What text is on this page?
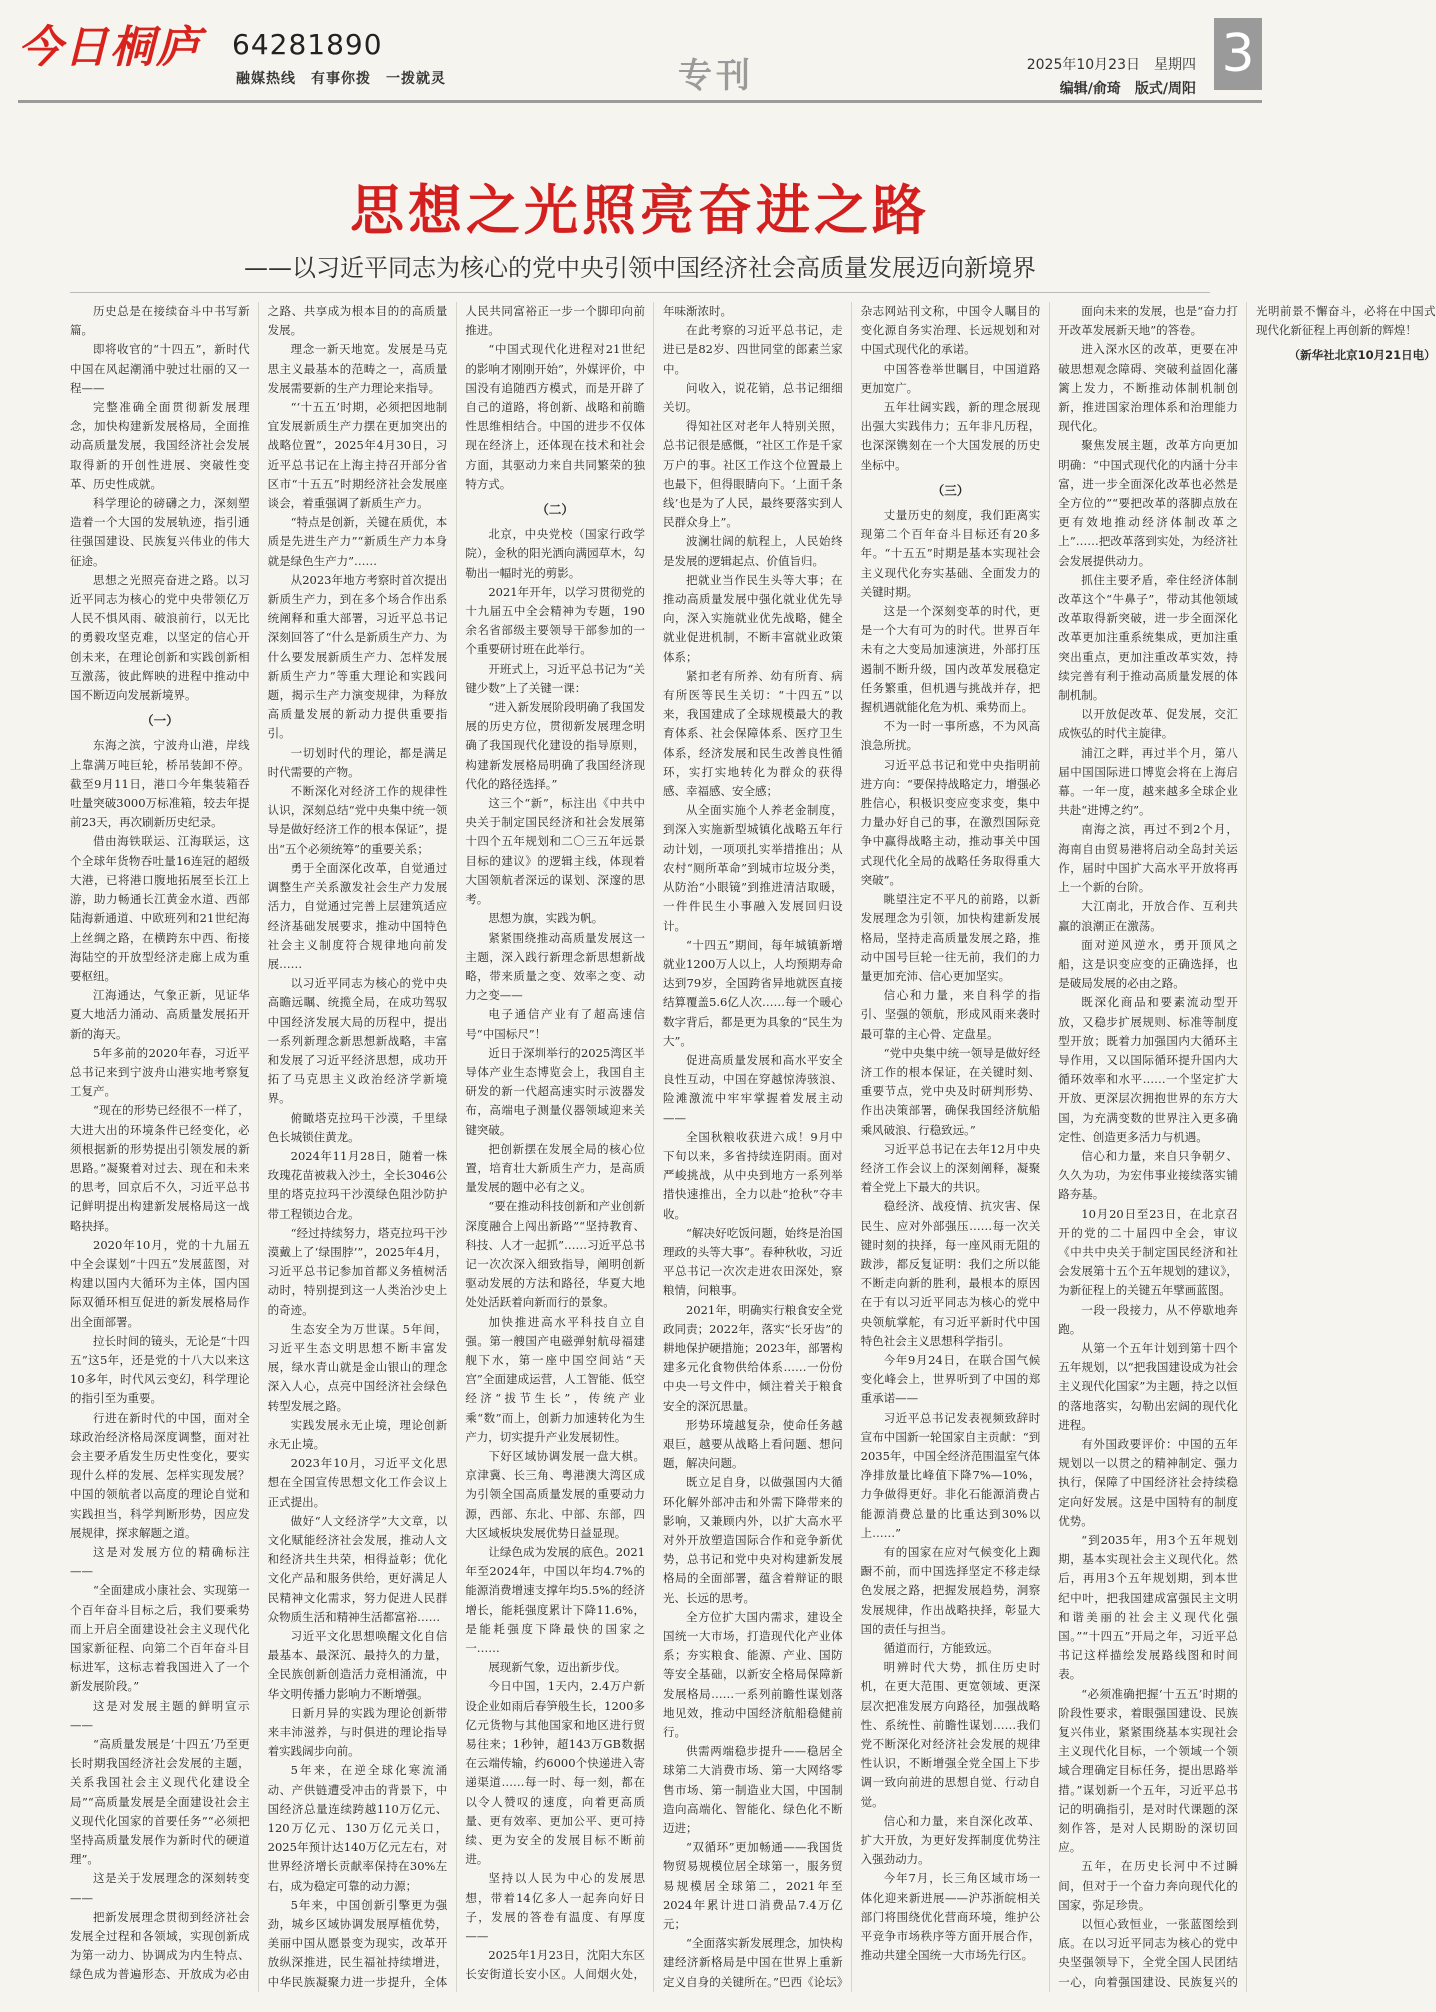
今日桐庐 64281890
融媒热线　有事你拨　一拨就灵	专刊	2025年10月23日　星期四
编辑/俞琦　版式/周阳
3
思想之光照亮奋进之路
——以习近平同志为核心的党中央引领中国经济社会高质量发展迈向新境界

历史总是在接续奋斗中书写新篇。

即将收官的“十四五”，新时代中国在风起潮涌中驶过壮丽的又一程——

完整准确全面贯彻新发展理念，加快构建新发展格局，全面推动高质量发展，我国经济社会发展取得新的开创性进展、突破性变革、历史性成就。

科学理论的磅礴之力，深刻塑造着一个大国的发展轨迹，指引通往强国建设、民族复兴伟业的伟大征途。

思想之光照亮奋进之路。以习近平同志为核心的党中央带领亿万人民不惧风雨、破浪前行，以无比的勇毅攻坚克难，以坚定的信心开创未来，在理论创新和实践创新相互激荡，彼此辉映的进程中推动中国不断迈向发展新境界。

（一）

东海之滨，宁波舟山港，岸线上靠满万吨巨轮，桥吊装卸不停。截至9月11日，港口今年集装箱吞吐量突破3000万标准箱，较去年提前23天，再次刷新历史纪录。

借由海铁联运、江海联运，这个全球年货物吞吐量16连冠的超级大港，已将港口腹地拓展至长江上游，助力畅通长江黄金水道、西部陆海新通道、中欧班列和21世纪海上丝绸之路，在横跨东中西、衔接海陆空的开放型经济走廊上成为重要枢纽。

江海通达，气象正新，见证华夏大地活力涌动、高质量发展拓开新的海天。

5年多前的2020年春，习近平总书记来到宁波舟山港实地考察复工复产。

“现在的形势已经很不一样了，大进大出的环境条件已经变化，必须根据新的形势提出引领发展的新思路。”凝聚着对过去、现在和未来的思考，回京后不久，习近平总书记鲜明提出构建新发展格局这一战略抉择。

2020年10月，党的十九届五中全会谋划“十四五”发展蓝图，对构建以国内大循环为主体，国内国际双循环相互促进的新发展格局作出全面部署。

拉长时间的镜头，无论是“十四五”这5年，还是党的十八大以来这10多年，时代风云变幻，科学理论的指引至为重要。

行进在新时代的中国，面对全球政治经济格局深度调整，面对社会主要矛盾发生历史性变化，要实现什么样的发展、怎样实现发展？中国的领航者以高度的理论自觉和实践担当，科学判断形势，因应发展规律，探求解题之道。

这是对发展方位的精确标注——

“全面建成小康社会、实现第一个百年奋斗目标之后，我们要乘势而上开启全面建设社会主义现代化国家新征程、向第二个百年奋斗目标进军，这标志着我国进入了一个新发展阶段。”

这是对发展主题的鲜明宣示——

“高质量发展是‘十四五’乃至更长时期我国经济社会发展的主题，关系我国社会主义现代化建设全局”“高质量发展是全面建设社会主义现代化国家的首要任务”“必须把坚持高质量发展作为新时代的硬道理”。

这是关于发展理念的深刻转变——

把新发展理念贯彻到经济社会发展全过程和各领域，实现创新成为第一动力、协调成为内生特点、绿色成为普遍形态、开放成为必由之路、共享成为根本目的的高质量发展。

理念一新天地宽。发展是马克思主义最基本的范畴之一，高质量发展需要新的生产力理论来指导。

“‘十五五’时期，必须把因地制宜发展新质生产力摆在更加突出的战略位置”，2025年4月30日，习近平总书记在上海主持召开部分省区市“十五五”时期经济社会发展座谈会，着重强调了新质生产力。

“特点是创新，关键在质优，本质是先进生产力”“新质生产力本身就是绿色生产力”……

从2023年地方考察时首次提出新质生产力，到在多个场合作出系统阐释和重大部署，习近平总书记深刻回答了“什么是新质生产力、为什么要发展新质生产力、怎样发展新质生产力”等重大理论和实践问题，揭示生产力演变规律，为释放高质量发展的新动力提供重要指引。

一切划时代的理论，都是满足时代需要的产物。

不断深化对经济工作的规律性认识，深刻总结“党中央集中统一领导是做好经济工作的根本保证”，提出“五个必须统筹”的重要关系；

勇于全面深化改革，自觉通过调整生产关系激发社会生产力发展活力，自觉通过完善上层建筑适应经济基础发展要求，推动中国特色社会主义制度符合规律地向前发展……

以习近平同志为核心的党中央高瞻远瞩、统揽全局，在成功驾驭中国经济发展大局的历程中，提出一系列新理念新思想新战略，丰富和发展了习近平经济思想，成功开拓了马克思主义政治经济学新境界。

俯瞰塔克拉玛干沙漠，千里绿色长城锁住黄龙。

2024年11月28日，随着一株玫瑰花苗被栽入沙土，全长3046公里的塔克拉玛干沙漠绿色阻沙防护带工程锁边合龙。

“经过持续努力，塔克拉玛干沙漠戴上了‘绿围脖’”，2025年4月，习近平总书记参加首都义务植树活动时，特别提到这一人类治沙史上的奇迹。

生态安全为万世谋。5年间，习近平生态文明思想不断丰富发展，绿水青山就是金山银山的理念深入人心，点亮中国经济社会绿色转型发展之路。

实践发展永无止境，理论创新永无止境。

2023年10月，习近平文化思想在全国宣传思想文化工作会议上正式提出。

做好“人文经济学”大文章，以文化赋能经济社会发展，推动人文和经济共生共荣，相得益彰；优化文化产品和服务供给，更好满足人民精神文化需求，努力促进人民群众物质生活和精神生活都富裕……

习近平文化思想唤醒文化自信最基本、最深沉、最持久的力量，全民族创新创造活力竞相涌流，中华文明传播力影响力不断增强。

日新月异的实践为理论创新带来丰沛滋养，与时俱进的理论指导着实践阔步向前。

5年来，在逆全球化寒流涌动、产供链遭受冲击的背景下，中国经济总量连续跨越110万亿元、120万亿元、130万亿元关口，2025年预计达140万亿元左右，对世界经济增长贡献率保持在30%左右，成为稳定可靠的动力源；

5年来，中国创新引擎更为强劲，城乡区域协调发展厚植优势，美丽中国从愿景变为现实，改革开放纵深推进，民生福祉持续增进，中华民族凝聚力进一步提升，全体人民共同富裕正一步一个脚印向前推进。

“中国式现代化进程对21世纪的影响才刚刚开始”，外媒评价，中国没有追随西方模式，而是开辟了自己的道路，将创新、战略和前瞻性思维相结合。中国的进步不仅体现在经济上，还体现在技术和社会方面，其驱动力来自共同繁荣的独特方式。

（二）

北京，中央党校（国家行政学院），金秋的阳光洒向满园草木，勾勒出一幅时光的剪影。

2021年开年，以学习贯彻党的十九届五中全会精神为专题，190余名省部级主要领导干部参加的一个重要研讨班在此举行。

开班式上，习近平总书记为“关键少数”上了关键一课：

“进入新发展阶段明确了我国发展的历史方位，贯彻新发展理念明确了我国现代化建设的指导原则，构建新发展格局明确了我国经济现代化的路径选择。”

这三个“新”，标注出《中共中央关于制定国民经济和社会发展第十四个五年规划和二〇三五年远景目标的建议》的逻辑主线，体现着大国领航者深远的谋划、深邃的思考。

思想为旗，实践为帆。

紧紧围绕推动高质量发展这一主题，深入践行新理念新思想新战略，带来质量之变、效率之变、动力之变——

电子通信产业有了超高速信号“中国标尺”！

近日于深圳举行的2025湾区半导体产业生态博览会上，我国自主研发的新一代超高速实时示波器发布，高端电子测量仪器领域迎来关键突破。

把创新摆在发展全局的核心位置，培育壮大新质生产力，是高质量发展的题中必有之义。

“要在推动科技创新和产业创新深度融合上闯出新路”“坚持教育、科技、人才一起抓”……习近平总书记一次次深入细致指导，阐明创新驱动发展的方法和路径，华夏大地处处活跃着向新而行的景象。

加快推进高水平科技自立自强。第一艘国产电磁弹射航母福建舰下水，第一座中国空间站“天宫”全面建成运营，人工智能、低空经济“拔节生长”，传统产业乘“数”而上，创新力加速转化为生产力，切实提升产业发展韧性。

下好区域协调发展一盘大棋。京津冀、长三角、粤港澳大湾区成为引领全国高质量发展的重要动力源，西部、东北、中部、东部，四大区域板块发展优势日益显现。

让绿色成为发展的底色。2021年至2024年，中国以年均4.7%的能源消费增速支撑年均5.5%的经济增长，能耗强度累计下降11.6%，是能耗强度下降最快的国家之一……

展现新气象，迈出新步伐。

今日中国，1天内，2.4万户新设企业如雨后春笋般生长，1200多亿元货物与其他国家和地区进行贸易往来；1秒钟，超143万GB数据在云端传输，约6000个快递进入寄递渠道……每一时、每一刻，都在以令人赞叹的速度，向着更高质量、更有效率、更加公平、更可持续、更为安全的发展目标不断前进。

坚持以人民为中心的发展思想，带着14亿多人一起奔向好日子，发展的答卷有温度、有厚度——

2025年1月23日，沈阳大东区长安街道长安小区。人间烟火处，年味渐浓时。

在此考察的习近平总书记，走进已是82岁、四世同堂的郎素兰家中。

问收入，说花销，总书记细细关切。

得知社区对老年人特别关照，总书记很是感慨，“社区工作是千家万户的事。社区工作这个位置最上也最下，但得眼睛向下。‘上面千条线’也是为了人民，最终要落实到人民群众身上”。

波澜壮阔的航程上，人民始终是发展的逻辑起点、价值旨归。

把就业当作民生头等大事；在推动高质量发展中强化就业优先导向，深入实施就业优先战略，健全就业促进机制，不断丰富就业政策体系；

紧扣老有所养、幼有所育、病有所医等民生关切：“十四五”以来，我国建成了全球规模最大的教育体系、社会保障体系、医疗卫生体系，经济发展和民生改善良性循环，实打实地转化为群众的获得感、幸福感、安全感；

从全面实施个人养老金制度，到深入实施新型城镇化战略五年行动计划，一项项扎实举措推出；从农村“厕所革命”到城市垃圾分类，从防治“小眼镜”到推进清洁取暖，一件件民生小事融入发展回归设计。

“十四五”期间，每年城镇新增就业1200万人以上，人均预期寿命达到79岁，全国跨省异地就医直接结算覆盖5.6亿人次……每一个暖心数字背后，都是更为具象的“民生为大”。

促进高质量发展和高水平安全良性互动，中国在穿越惊涛骇浪、险滩激流中牢牢掌握着发展主动——

全国秋粮收获进六成！9月中下旬以来，多省持续连阴雨。面对严峻挑战，从中央到地方一系列举措快速推出，全力以赴“抢秋”夺丰收。

“解决好吃饭问题，始终是治国理政的头等大事”。春种秋收，习近平总书记一次次走进农田深处，察粮情，问粮事。

2021年，明确实行粮食安全党政同责；2022年，落实“长牙齿”的耕地保护硬措施；2023年，部署构建多元化食物供给体系……一份份中央一号文件中，倾注着关于粮食安全的深沉思量。

形势环境越复杂，使命任务越艰巨，越要从战略上看问题、想问题，解决问题。

既立足自身，以做强国内大循环化解外部冲击和外需下降带来的影响，又兼顾内外，以扩大高水平对外开放塑造国际合作和竞争新优势，总书记和党中央对构建新发展格局的全面部署，蕴含着辩证的眼光、长远的思考。

全方位扩大国内需求，建设全国统一大市场，打造现代化产业体系；夯实粮食、能源、产业、国防等安全基础，以新安全格局保障新发展格局……一系列前瞻性谋划落地见效，推动中国经济航船稳健前行。

供需两端稳步提升——稳居全球第二大消费市场、第一大网络零售市场、第一制造业大国，中国制造向高端化、智能化、绿色化不断迈进；

“双循环”更加畅通——我国货物贸易规模位居全球第一，服务贸易规模居全球第二，2021年至2024年累计进口消费品7.4万亿元；

“全面落实新发展理念，加快构建经济新格局是中国在世界上重新定义自身的关键所在。”巴西《论坛》杂志网站刊文称，中国令人瞩目的变化源自务实治理、长远规划和对中国式现代化的承诺。

中国答卷举世瞩目，中国道路更加宽广。

五年壮阔实践，新的理念展现出强大实践伟力；五年非凡历程，也深深镌刻在一个大国发展的历史坐标中。

（三）

丈量历史的刻度，我们距离实现第二个百年奋斗目标还有20多年。“十五五”时期是基本实现社会主义现代化夯实基础、全面发力的关键时期。

这是一个深刻变革的时代，更是一个大有可为的时代。世界百年未有之大变局加速演进，外部打压遏制不断升级，国内改革发展稳定任务繁重，但机遇与挑战并存，把握机遇就能化危为机、乘势而上。

不为一时一事所惑，不为风高浪急所扰。

习近平总书记和党中央指明前进方向：“要保持战略定力，增强必胜信心，积极识变应变求变，集中力量办好自己的事，在激烈国际竞争中赢得战略主动，推动事关中国式现代化全局的战略任务取得重大突破”。

眺望注定不平凡的前路，以新发展理念为引领，加快构建新发展格局，坚持走高质量发展之路，推动中国号巨轮一往无前，我们的力量更加充沛、信心更加坚实。

信心和力量，来自科学的指引、坚强的领航，形成风雨来袭时最可靠的主心骨、定盘星。

“党中央集中统一领导是做好经济工作的根本保证，在关键时刻、重要节点，党中央及时研判形势、作出决策部署，确保我国经济航船乘风破浪、行稳致远。”

习近平总书记在去年12月中央经济工作会议上的深刻阐释，凝聚着全党上下最大的共识。

稳经济、战疫情、抗灾害、保民生、应对外部强压……每一次关键时刻的抉择，每一座风雨无阻的跋涉，都反复证明：我们之所以能不断走向新的胜利，最根本的原因在于有以习近平同志为核心的党中央领航掌舵，有习近平新时代中国特色社会主义思想科学指引。

今年9月24日，在联合国气候变化峰会上，世界听到了中国的郑重承诺——

习近平总书记发表视频致辞时宣布中国新一轮国家自主贡献：“到2035年，中国全经济范围温室气体净排放量比峰值下降7%—10%，力争做得更好。非化石能源消费占能源消费总量的比重达到30%以上……”

有的国家在应对气候变化上踟蹰不前，而中国选择坚定不移走绿色发展之路，把握发展趋势，洞察发展规律，作出战略抉择，彰显大国的责任与担当。

循道而行，方能致远。

明辨时代大势，抓住历史时机，在更大范围、更宽领域、更深层次把准发展方向路径，加强战略性、系统性、前瞻性谋划……我们党不断深化对经济社会发展的规律性认识，不断增强全党全国上下步调一致向前进的思想自觉、行动自觉。

信心和力量，来自深化改革、扩大开放，为更好发挥制度优势注入强劲动力。

今年7月，长三角区域市场一体化迎来新进展——沪苏浙皖相关部门将围绕优化营商环境，维护公平竞争市场秩序等方面开展合作，推动共建全国统一大市场先行区。

面向未来的发展，也是“奋力打开改革发展新天地”的答卷。

进入深水区的改革，更要在冲破思想观念障碍、突破利益固化藩篱上发力，不断推动体制机制创新，推进国家治理体系和治理能力现代化。

聚焦发展主题，改革方向更加明确：“中国式现代化的内涵十分丰富，进一步全面深化改革也必然是全方位的”“要把改革的落脚点放在更有效地推动经济体制改革之上”……把改革落到实处，为经济社会发展提供动力。

抓住主要矛盾，牵住经济体制改革这个“牛鼻子”，带动其他领域改革取得新突破，进一步全面深化改革更加注重系统集成，更加注重突出重点，更加注重改革实效，持续完善有利于推动高质量发展的体制机制。

以开放促改革、促发展，交汇成恢弘的时代主旋律。

浦江之畔，再过半个月，第八届中国国际进口博览会将在上海启幕。一年一度，越来越多全球企业共赴“进博之约”。

南海之滨，再过不到2个月，海南自由贸易港将启动全岛封关运作，届时中国扩大高水平开放将再上一个新的台阶。

大江南北，开放合作、互利共赢的浪潮正在激荡。

面对逆风逆水，勇开顶风之船，这是识变应变的正确选择，也是破局发展的必由之路。

既深化商品和要素流动型开放，又稳步扩展规则、标准等制度型开放；既着力加强国内大循环主导作用，又以国际循环提升国内大循环效率和水平……一个坚定扩大开放、更深层次拥抱世界的东方大国，为充满变数的世界注入更多确定性、创造更多活力与机遇。

信心和力量，来自只争朝夕、久久为功，为宏伟事业接续落实铺路夯基。

10月20日至23日，在北京召开的党的二十届四中全会，审议《中共中央关于制定国民经济和社会发展第十五个五年规划的建议》，为新征程上的关键五年擘画蓝图。

一段一段接力，从不停歇地奔跑。

从第一个五年计划到第十四个五年规划，以“把我国建设成为社会主义现代化国家”为主题，持之以恒的落地落实，勾勒出宏阔的现代化进程。

有外国政要评价：中国的五年规划以一以贯之的精神制定、强力执行，保障了中国经济社会持续稳定向好发展。这是中国特有的制度优势。

“到2035年，用3个五年规划期，基本实现社会主义现代化。然后，再用3个五年规划期，到本世纪中叶，把我国建成富强民主文明和谐美丽的社会主义现代化强国。”“十四五”开局之年，习近平总书记这样描绘发展路线图和时间表。

“必须准确把握‘十五五’时期的阶段性要求，着眼强国建设、民族复兴伟业，紧紧围绕基本实现社会主义现代化目标，一个领域一个领域合理确定目标任务，提出思路举措。”谋划新一个五年，习近平总书记的明确指引，是对时代课题的深刻作答，是对人民期盼的深切回应。

五年，在历史长河中不过瞬间，但对于一个奋力奔向现代化的国家，弥足珍贵。

以恒心致恒业，一张蓝图绘到底。在以习近平同志为核心的党中央坚强领导下，全党全国人民团结一心，向着强国建设、民族复兴的光明前景不懈奋斗，必将在中国式现代化新征程上再创新的辉煌！

（新华社北京10月21日电）
